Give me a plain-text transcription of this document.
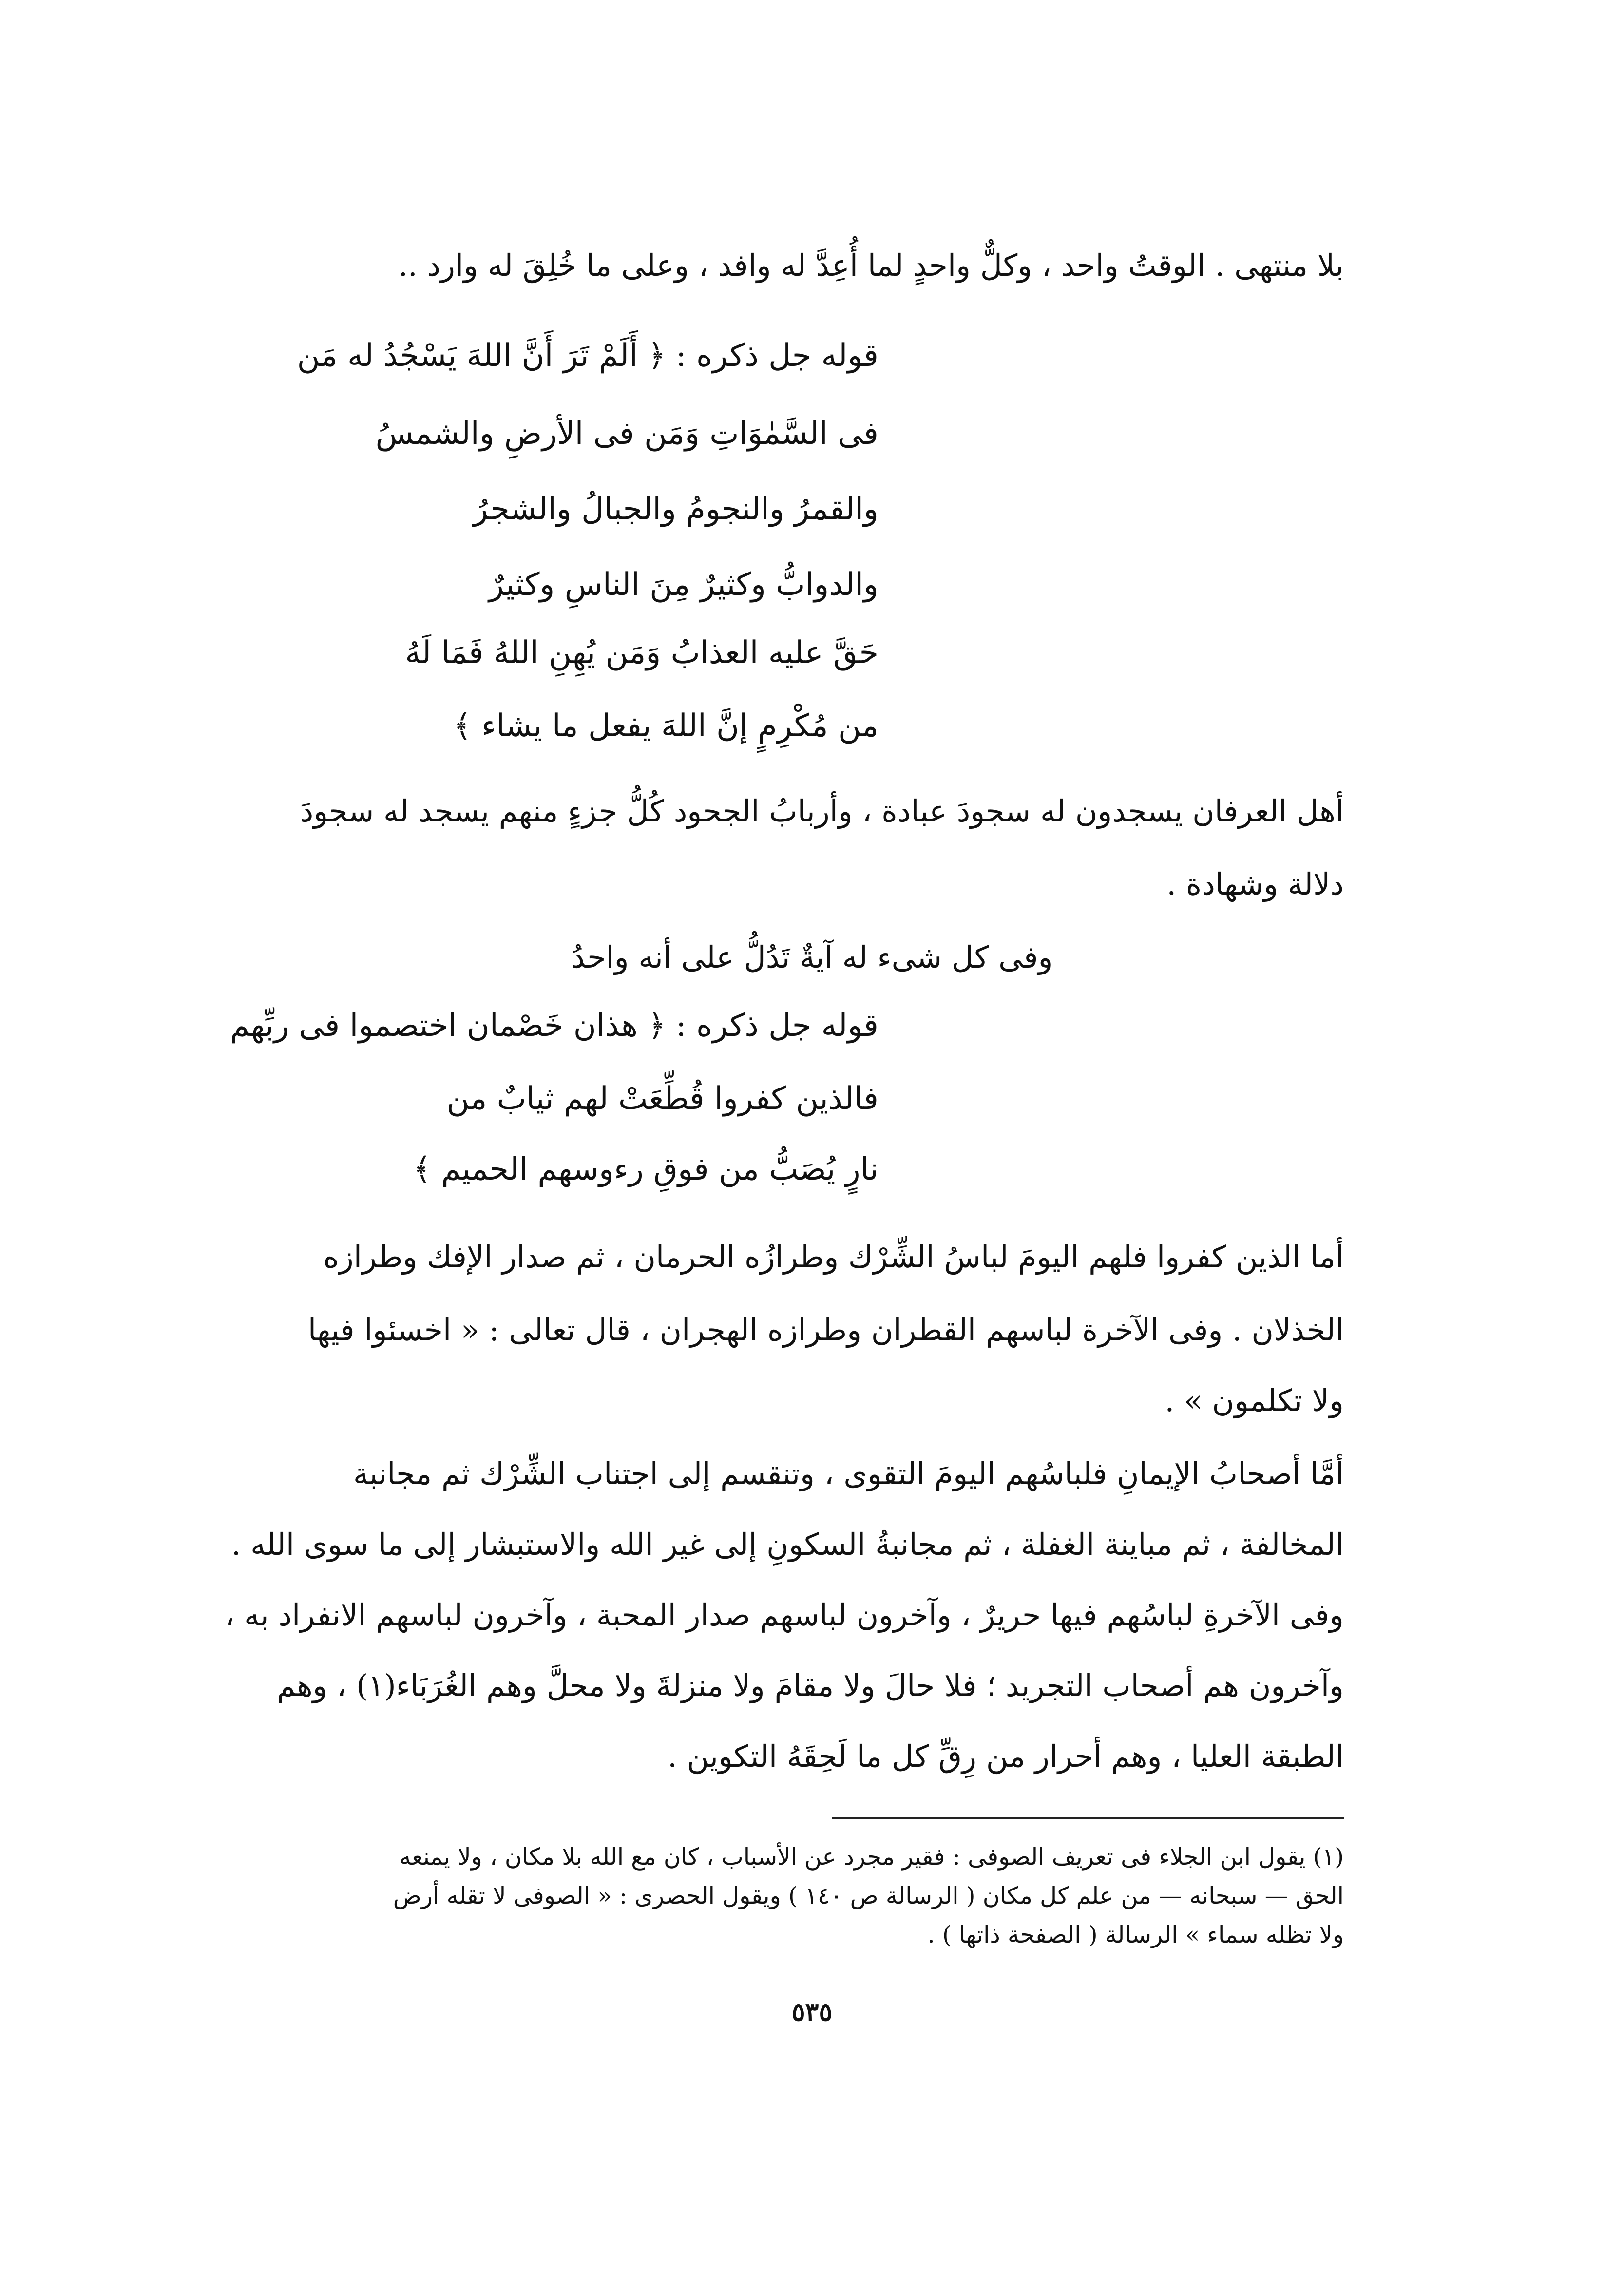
بلا منتهى . الوقتُ واحد ، وكلٌّ واحدٍ لما أُعِدَّ له وافد ، وعلى ما خُلِقَ له وارد ..
قوله جل ذكره : ﴿ أَلَمْ تَرَ أَنَّ اللهَ يَسْجُدُ له مَن
فى السَّمٰوَاتِ وَمَن فى الأرضِ والشمسُ
والقمرُ والنجومُ والجبالُ والشجرُ
والدوابُّ وكثيرٌ مِنَ الناسِ وكثيرٌ
حَقَّ عليه العذابُ وَمَن يُهِنِ اللهُ فَمَا لَهُ
من مُكْرِمٍ إنَّ اللهَ يفعل ما يشاء ﴾
أهل العرفان يسجدون له سجودَ عبادة ، وأربابُ الجحود كُلُّ جزءٍ منهم يسجد له سجودَ
دلالة وشهادة .
وفى كل شىء له آيةٌ تَدُلُّ على أنه واحدُ
قوله جل ذكره : ﴿ هذان خَصْمان اختصموا فى ربِّهم
فالذين كفروا قُطِّعَتْ لهم ثيابٌ من
نارٍ يُصَبُّ من فوقِ رءوسهم الحميم ﴾
أما الذين كفروا فلهم اليومَ لباسُ الشِّرْك وطرازُه الحرمان ، ثم صدار الإفك وطرازه
الخذلان . وفى الآخرة لباسهم القطران وطرازه الهجران ، قال تعالى : « اخسئوا فيها
ولا تكلمون » .
أمَّا أصحابُ الإيمانِ فلباسُهم اليومَ التقوى ، وتنقسم إلى اجتناب الشِّرْك ثم مجانبة
المخالفة ، ثم مباينة الغفلة ، ثم مجانبةُ السكونِ إلى غير الله والاستبشار إلى ما سوى الله .
وفى الآخرةِ لباسُهم فيها حريرٌ ، وآخرون لباسهم صدار المحبة ، وآخرون لباسهم الانفراد به ،
وآخرون هم أصحاب التجريد ؛ فلا حالَ ولا مقامَ ولا منزلةَ ولا محلَّ وهم الغُرَبَاء(١) ، وهم
الطبقة العليا ، وهم أحرار من رِقِّ كل ما لَحِقَهُ التكوين .
(١) يقول ابن الجلاء فى تعريف الصوفى : فقير مجرد عن الأسباب ، كان مع الله بلا مكان ، ولا يمنعه
الحق — سبحانه — من علم كل مكان ( الرسالة ص ١٤٠ ) ويقول الحصرى : « الصوفى لا تقله أرض
ولا تظله سماء » الرسالة ( الصفحة ذاتها ) .
٥٣٥
